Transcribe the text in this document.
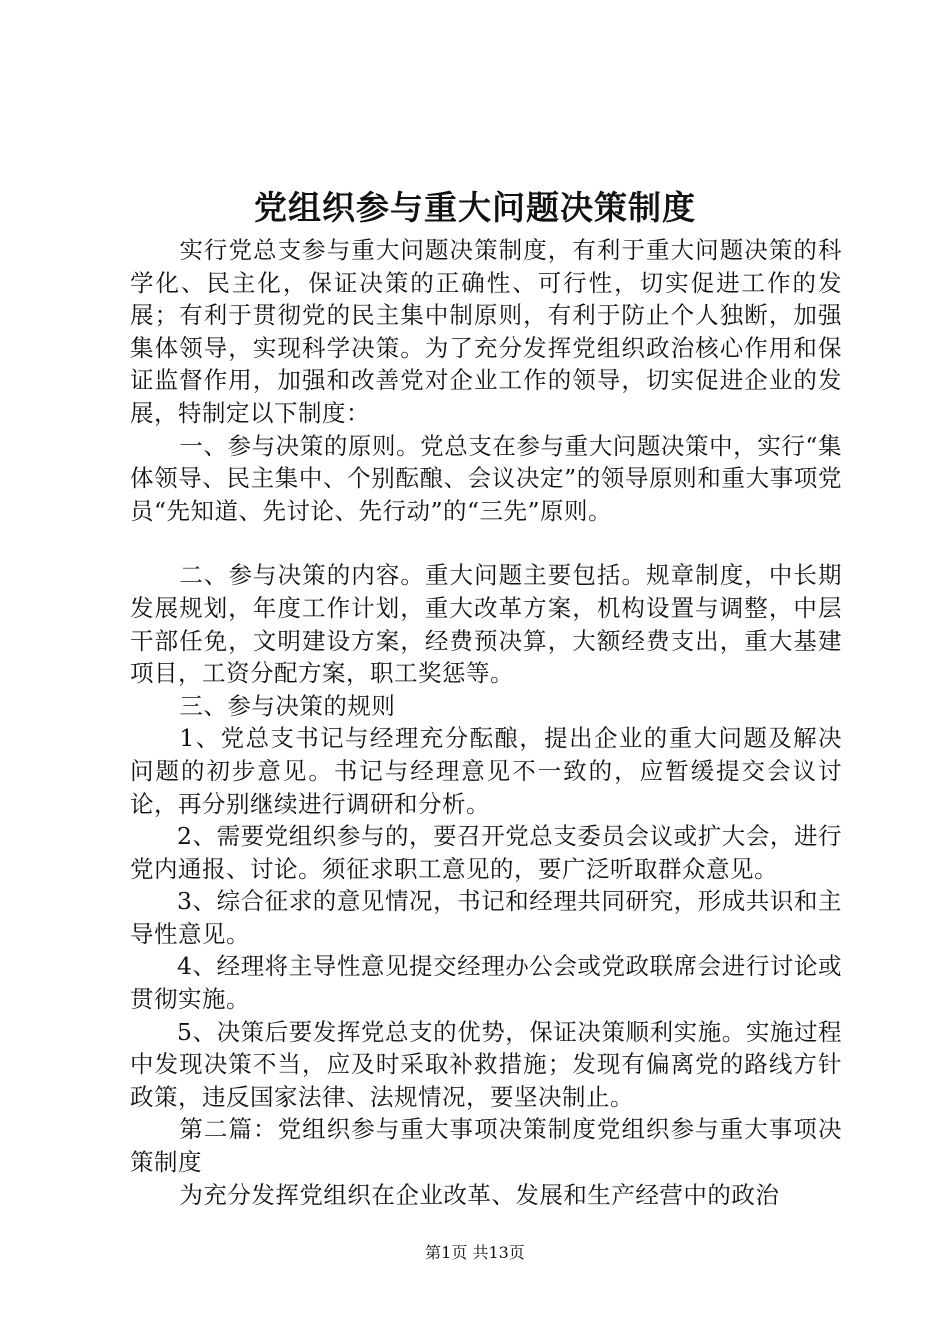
党组织参与重大问题决策制度

实行党总支参与重大问题决策制度，有利于重大问题决策的科学化、民主化，保证决策的正确性、可行性，切实促进工作的发展；有利于贯彻党的民主集中制原则，有利于防止个人独断，加强集体领导，实现科学决策。为了充分发挥党组织政治核心作用和保证监督作用，加强和改善党对企业工作的领导，切实促进企业的发展，特制定以下制度：

一、参与决策的原则。党总支在参与重大问题决策中，实行“集体领导、民主集中、个别酝酿、会议决定”的领导原则和重大事项党员“先知道、先讨论、先行动”的“三先”原则。

二、参与决策的内容。重大问题主要包括。规章制度，中长期发展规划，年度工作计划，重大改革方案，机构设置与调整，中层干部任免，文明建设方案，经费预决算，大额经费支出，重大基建项目，工资分配方案，职工奖惩等。

三、参与决策的规则

1、党总支书记与经理充分酝酿，提出企业的重大问题及解决问题的初步意见。书记与经理意见不一致的，应暂缓提交会议讨论，再分别继续进行调研和分析。

2、需要党组织参与的，要召开党总支委员会议或扩大会，进行党内通报、讨论。须征求职工意见的，要广泛听取群众意见。

3、综合征求的意见情况，书记和经理共同研究，形成共识和主导性意见。

4、经理将主导性意见提交经理办公会或党政联席会进行讨论或贯彻实施。

5、决策后要发挥党总支的优势，保证决策顺利实施。实施过程中发现决策不当，应及时采取补救措施；发现有偏离党的路线方针政策，违反国家法律、法规情况，要坚决制止。

第二篇：党组织参与重大事项决策制度党组织参与重大事项决策制度

为充分发挥党组织在企业改革、发展和生产经营中的政治

第1页 共13页
